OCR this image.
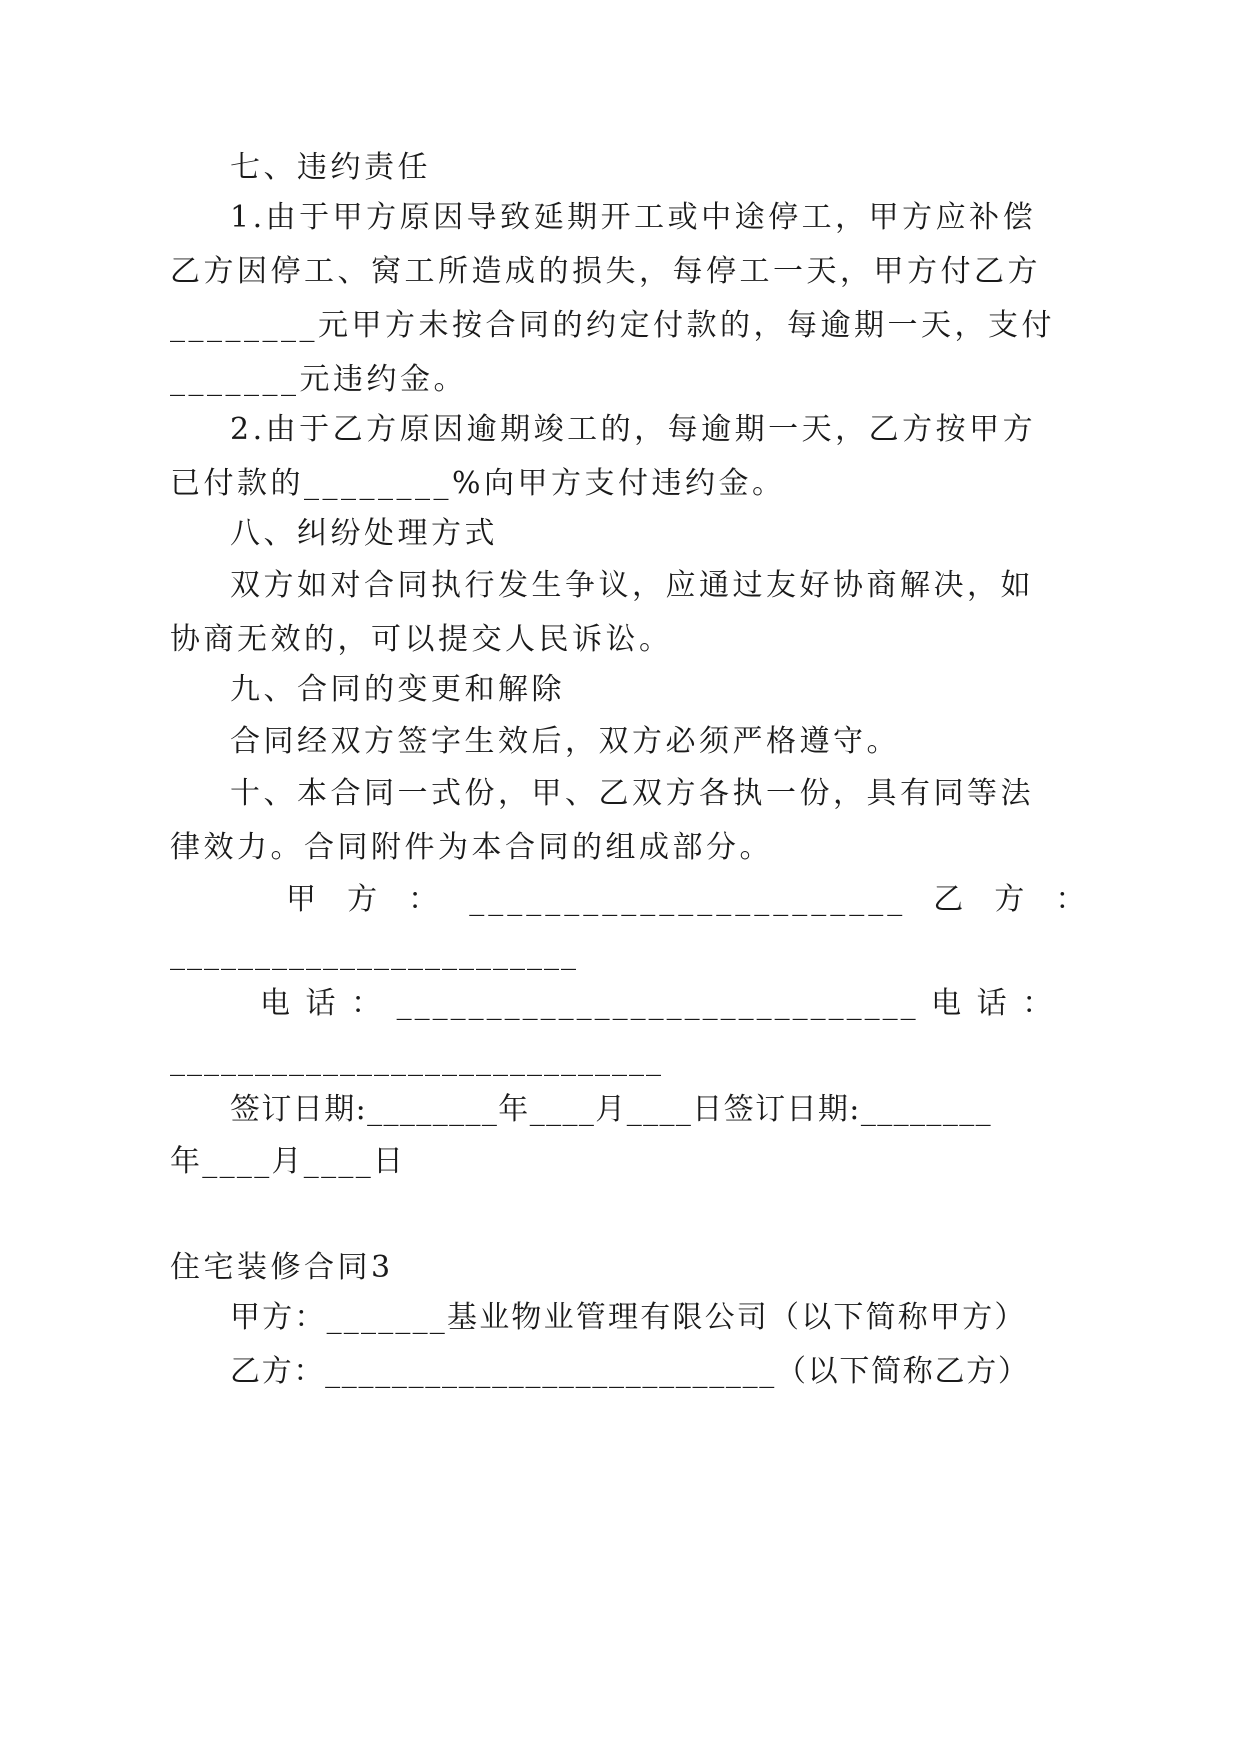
七、违约责任
1.由于甲方原因导致延期开工或中途停工，甲方应补偿
乙方因停工、窝工所造成的损失，每停工一天，甲方付乙方
________元甲方未按合同的约定付款的，每逾期一天，支付
_______元违约金。
2.由于乙方原因逾期竣工的，每逾期一天，乙方按甲方
已付款的________%向甲方支付违约金。
八、纠纷处理方式
双方如对合同执行发生争议，应通过友好协商解决，如
协商无效的，可以提交人民诉讼。
九、合同的变更和解除
合同经双方签字生效后，双方必须严格遵守。
十、本合同一式份，甲、乙双方各执一份，具有同等法
律效力。合同附件为本合同的组成部分。
甲  方  ：  _______________________  乙  方  ：
________________________
电 话 ： _____________________________ 电 话 ：
_____________________________
签订日期:________年____月____日签订日期:________
年____月____日
住宅装修合同3
甲方：_______基业物业管理有限公司（以下简称甲方）
乙方：___________________________（以下简称乙方）
